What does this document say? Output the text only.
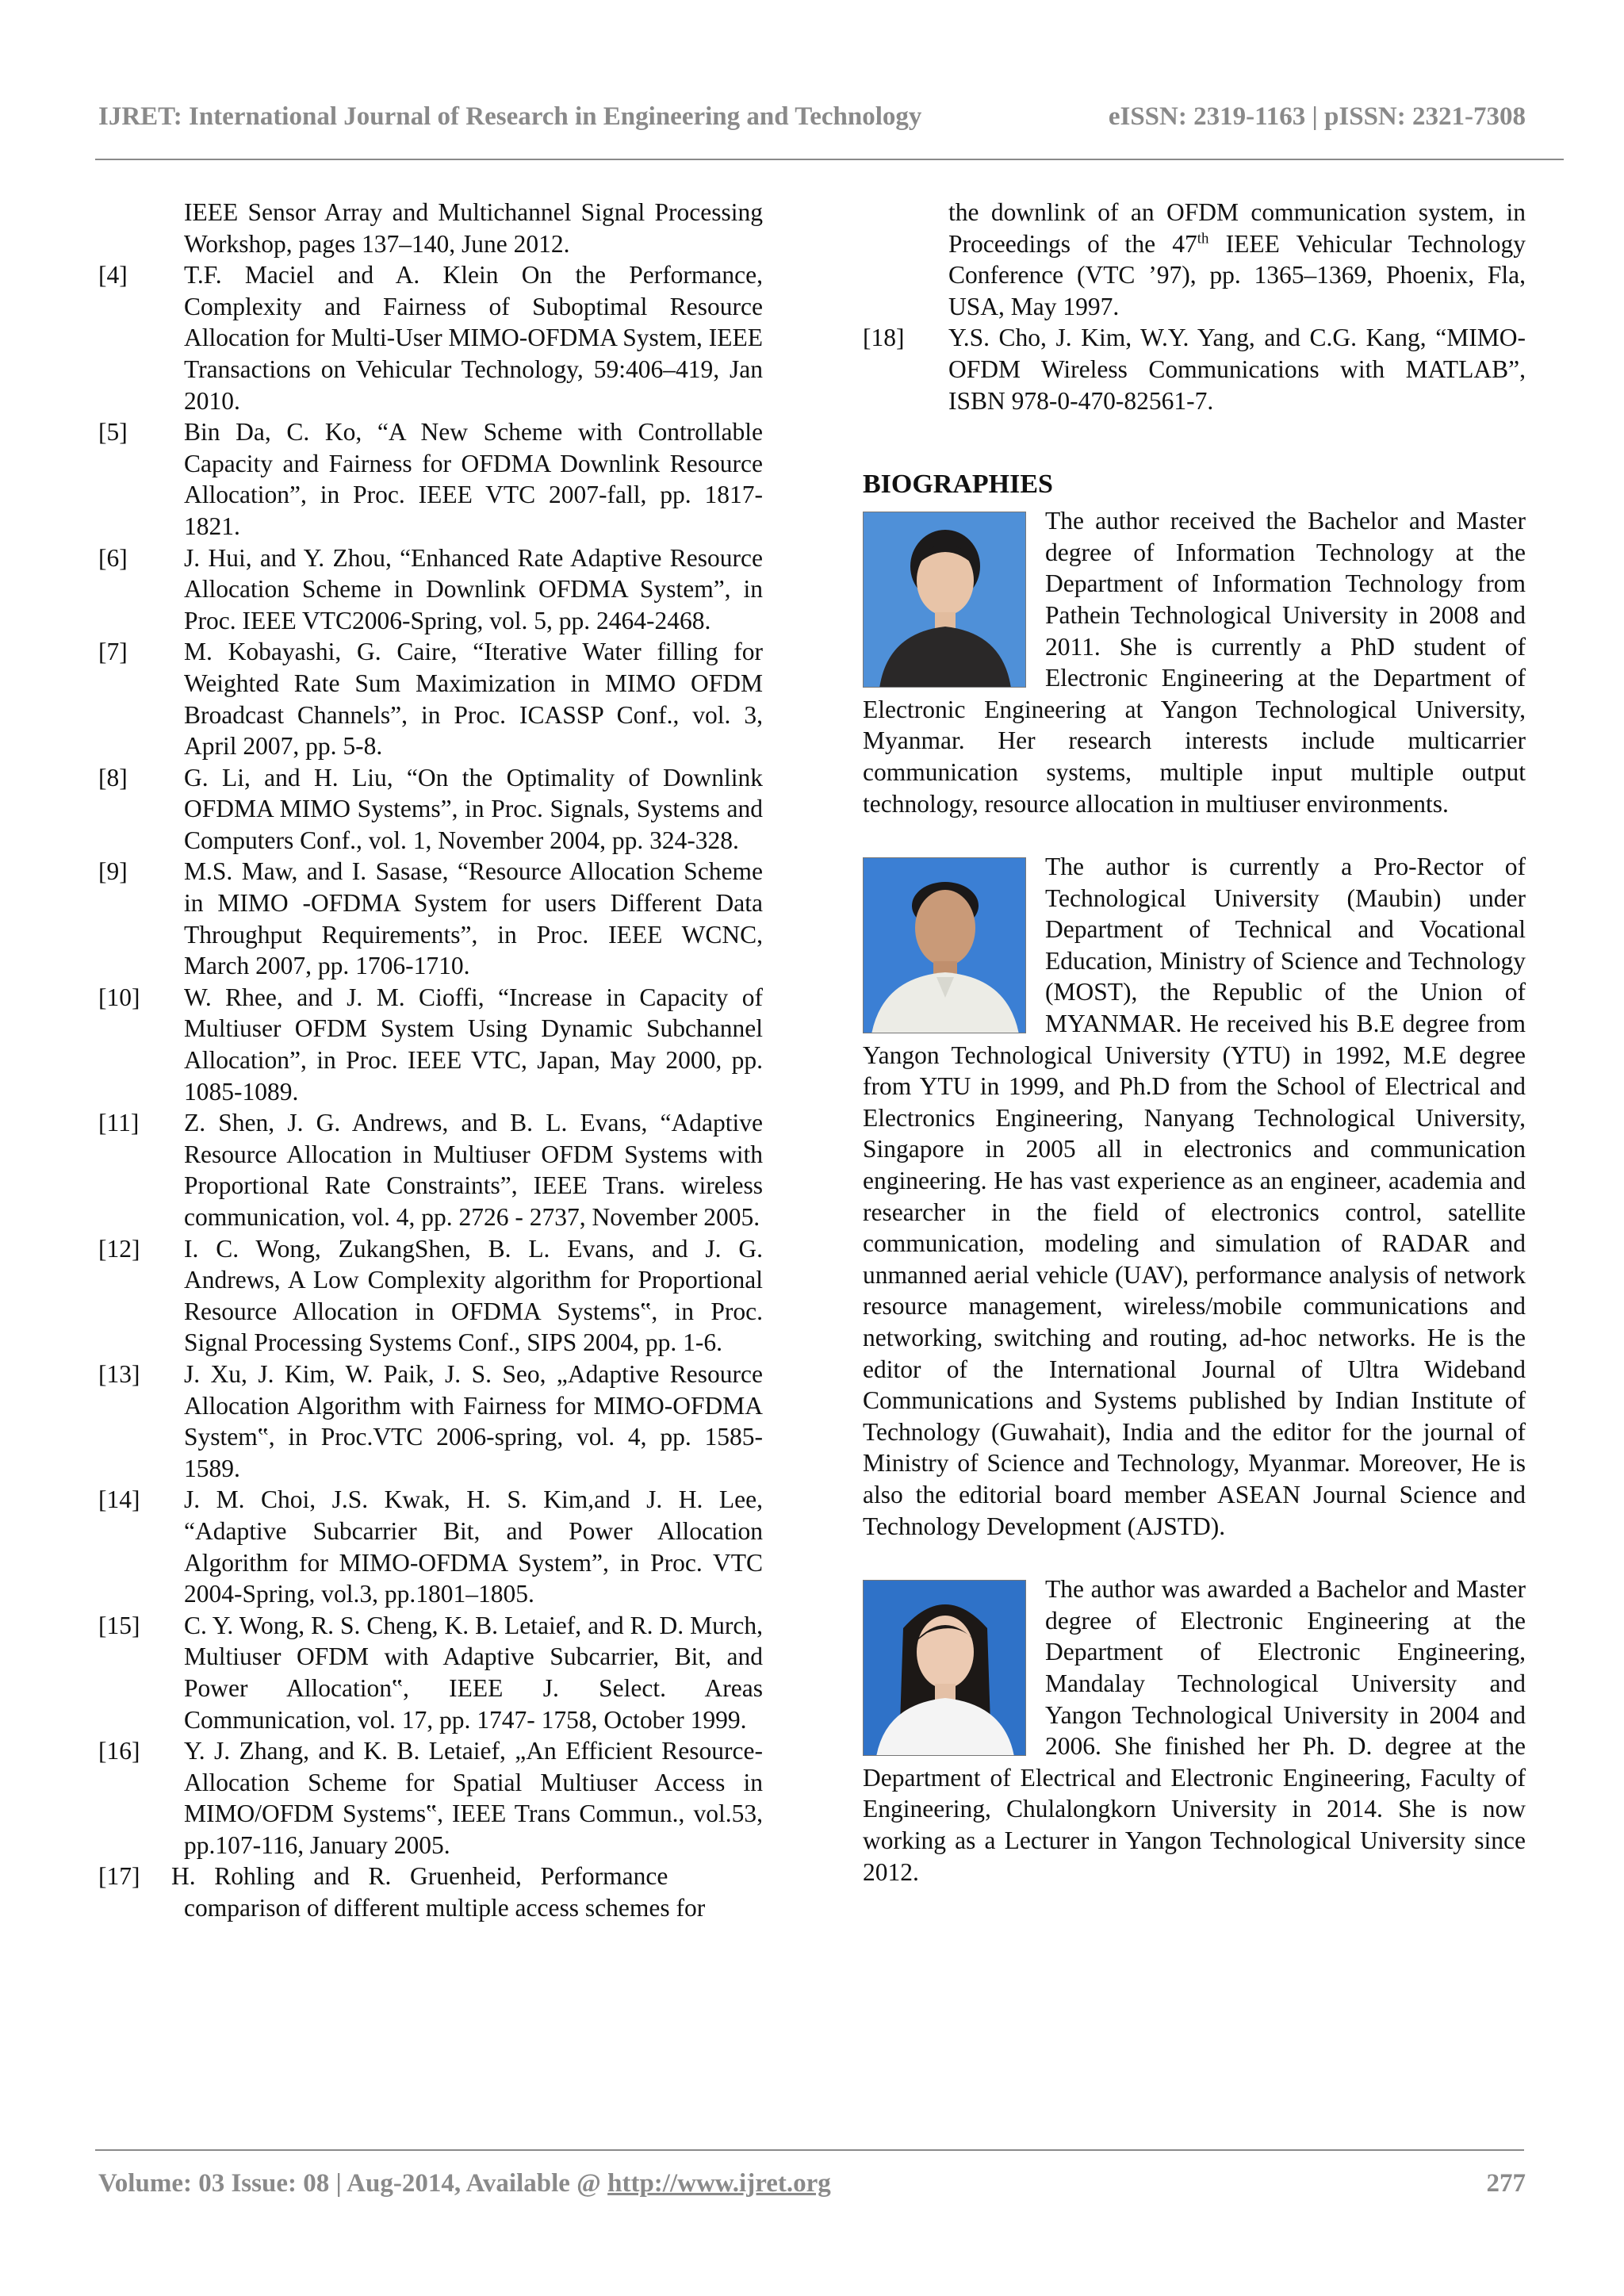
IJRET: International Journal of Research in Engineering and Technology	eISSN: 2319-1163 | pISSN: 2321-7308
IEEE Sensor Array and Multichannel Signal Processing Workshop, pages 137–140, June 2012.
[4]	T.F. Maciel and A. Klein On the Performance, Complexity and Fairness of Suboptimal Resource Allocation for Multi-User MIMO-OFDMA System, IEEE Transactions on Vehicular Technology, 59:406–419, Jan 2010.
[5]	Bin Da, C. Ko, “A New Scheme with Controllable Capacity and Fairness for OFDMA Downlink Resource Allocation”, in Proc. IEEE VTC 2007-fall, pp. 1817-1821.
[6]	J. Hui, and Y. Zhou, “Enhanced Rate Adaptive Resource Allocation Scheme in Downlink OFDMA System”, in Proc. IEEE VTC2006-Spring, vol. 5, pp. 2464-2468.
[7]	M. Kobayashi, G. Caire, “Iterative Water filling for Weighted Rate Sum Maximization in MIMO OFDM Broadcast Channels”, in Proc. ICASSP Conf., vol. 3, April 2007, pp. 5-8.
[8]	G. Li, and H. Liu, “On the Optimality of Downlink OFDMA MIMO Systems”, in Proc. Signals, Systems and Computers Conf., vol. 1, November 2004, pp. 324-328.
[9]	M.S. Maw, and I. Sasase, “Resource Allocation Scheme in MIMO -OFDMA System for users Different Data Throughput Requirements”, in Proc. IEEE WCNC, March 2007, pp. 1706-1710.
[10]	W. Rhee, and J. M. Cioffi, “Increase in Capacity of Multiuser OFDM System Using Dynamic Subchannel Allocation”, in Proc. IEEE VTC, Japan, May 2000, pp. 1085-1089.
[11]	Z. Shen, J. G. Andrews, and B. L. Evans, “Adaptive Resource Allocation in Multiuser OFDM Systems with Proportional Rate Constraints”, IEEE Trans. wireless communication, vol. 4, pp. 2726 - 2737, November 2005.
[12]	I. C. Wong, ZukangShen, B. L. Evans, and J. G. Andrews, A Low Complexity algorithm for Proportional Resource Allocation in OFDMA Systems‟, in Proc. Signal Processing Systems Conf., SIPS 2004, pp. 1-6.
[13]	J. Xu, J. Kim, W. Paik, J. S. Seo, „Adaptive Resource Allocation Algorithm with Fairness for MIMO-OFDMA System‟, in Proc.VTC 2006-spring, vol. 4, pp. 1585-1589.
[14]	J. M. Choi, J.S. Kwak, H. S. Kim,and J. H. Lee, “Adaptive Subcarrier Bit, and Power Allocation Algorithm for MIMO-OFDMA System”, in Proc. VTC 2004-Spring, vol.3, pp.1801–1805.
[15]	C. Y. Wong, R. S. Cheng, K. B. Letaief, and R. D. Murch, Multiuser OFDM with Adaptive Subcarrier, Bit, and Power Allocation‟, IEEE J. Select. Areas Communication, vol. 17, pp. 1747- 1758, October 1999.
[16]	Y. J. Zhang, and K. B. Letaief, „An Efficient Resource-Allocation Scheme for Spatial Multiuser Access in MIMO/OFDM Systems‟, IEEE Trans Commun., vol.53, pp.107-116, January 2005.
[17]	H.   Rohling   and   R.   Gruenheid,   Performance
comparison of different multiple access schemes for
the downlink of an OFDM communication system, in Proceedings of the 47th IEEE Vehicular Technology Conference (VTC ’97), pp. 1365–1369, Phoenix, Fla, USA, May 1997.
[18]	Y.S. Cho, J. Kim, W.Y. Yang, and C.G. Kang, “MIMO-OFDM Wireless Communications with MATLAB”, ISBN 978-0-470-82561-7.
BIOGRAPHIES
The author received the Bachelor and Master degree of Information Technology at the Department of Information Technology from Pathein Technological University in 2008 and 2011. She is currently a PhD student of Electronic Engineering at the Department of Electronic Engineering at Yangon Technological University, Myanmar. Her research interests include multicarrier communication systems, multiple input multiple output technology, resource allocation in multiuser environments.
The author is currently a Pro-Rector of Technological University (Maubin) under Department of Technical and Vocational Education, Ministry of Science and Technology (MOST), the Republic of the Union of MYANMAR. He received his B.E degree from Yangon Technological University (YTU) in 1992, M.E degree from YTU in 1999, and Ph.D from the School of Electrical and Electronics Engineering, Nanyang Technological University, Singapore in 2005 all in electronics and communication engineering. He has vast experience as an engineer, academia and researcher in the field of electronics control, satellite communication, modeling and simulation of RADAR and unmanned aerial vehicle (UAV), performance analysis of network resource management, wireless/mobile communications and networking, switching and routing, ad-hoc networks. He is the editor of the International Journal of Ultra Wideband Communications and Systems published by Indian Institute of Technology (Guwahait), India and the editor for the journal of Ministry of Science and Technology, Myanmar. Moreover, He is also the editorial board member ASEAN Journal Science and Technology Development (AJSTD).
The author was awarded a Bachelor and Master degree of Electronic Engineering at the Department of Electronic Engineering, Mandalay Technological University and Yangon Technological University in 2004 and 2006. She finished her Ph. D. degree at the Department of Electrical and Electronic Engineering, Faculty of Engineering, Chulalongkorn University in 2014. She is now working as a Lecturer in Yangon Technological University since 2012.
Volume: 03 Issue: 08 | Aug-2014, Available @ http://www.ijret.org	277
